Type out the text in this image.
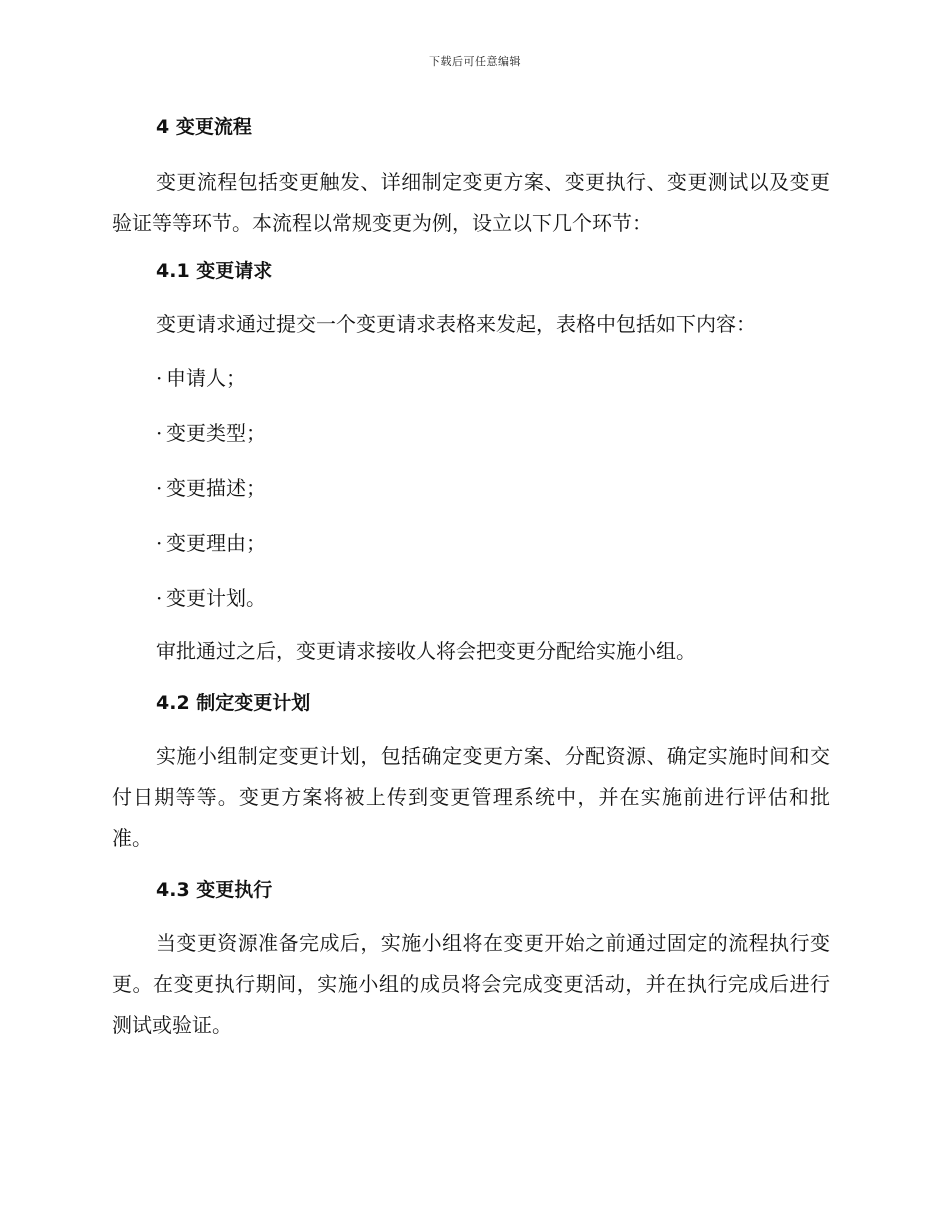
下载后可任意编辑
4 变更流程
变更流程包括变更触发、详细制定变更方案、变更执行、变更测试以及变更验证等等环节。本流程以常规变更为例，设立以下几个环节：
4.1 变更请求
变更请求通过提交一个变更请求表格来发起，表格中包括如下内容：
· 申请人；
· 变更类型；
· 变更描述；
· 变更理由；
· 变更计划。
审批通过之后，变更请求接收人将会把变更分配给实施小组。
4.2 制定变更计划
实施小组制定变更计划，包括确定变更方案、分配资源、确定实施时间和交付日期等等。变更方案将被上传到变更管理系统中，并在实施前进行评估和批准。
4.3 变更执行
当变更资源准备完成后，实施小组将在变更开始之前通过固定的流程执行变更。在变更执行期间，实施小组的成员将会完成变更活动，并在执行完成后进行测试或验证。
